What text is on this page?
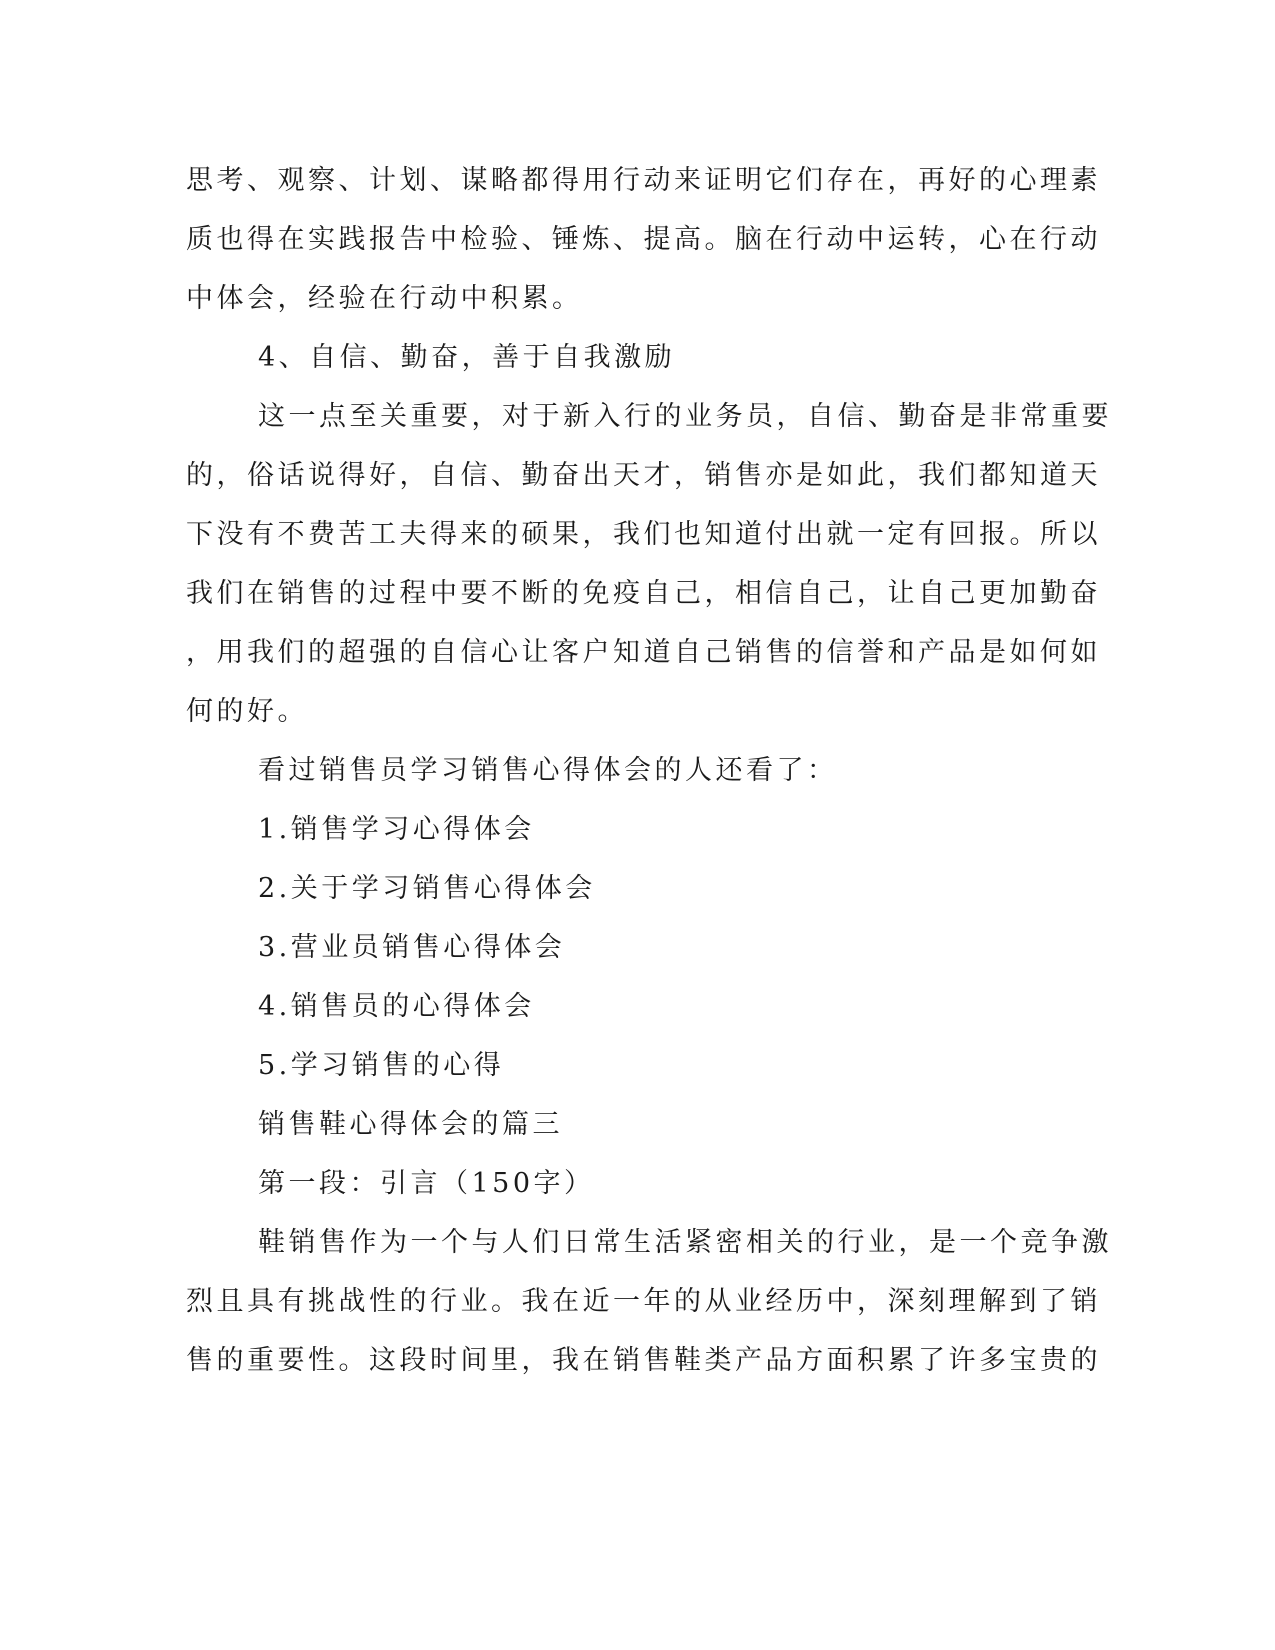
思考、观察、计划、谋略都得用行动来证明它们存在，再好的心理素

质也得在实践报告中检验、锤炼、提高。脑在行动中运转，心在行动

中体会，经验在行动中积累。

4、自信、勤奋，善于自我激励

这一点至关重要，对于新入行的业务员，自信、勤奋是非常重要

的，俗话说得好，自信、勤奋出天才，销售亦是如此，我们都知道天

下没有不费苦工夫得来的硕果，我们也知道付出就一定有回报。所以

我们在销售的过程中要不断的免疫自己，相信自己，让自己更加勤奋

，用我们的超强的自信心让客户知道自己销售的信誉和产品是如何如

何的好。

看过销售员学习销售心得体会的人还看了：

1.销售学习心得体会

2.关于学习销售心得体会

3.营业员销售心得体会

4.销售员的心得体会

5.学习销售的心得

销售鞋心得体会的篇三

第一段：引言（150字）

鞋销售作为一个与人们日常生活紧密相关的行业，是一个竞争激

烈且具有挑战性的行业。我在近一年的从业经历中，深刻理解到了销

售的重要性。这段时间里，我在销售鞋类产品方面积累了许多宝贵的
